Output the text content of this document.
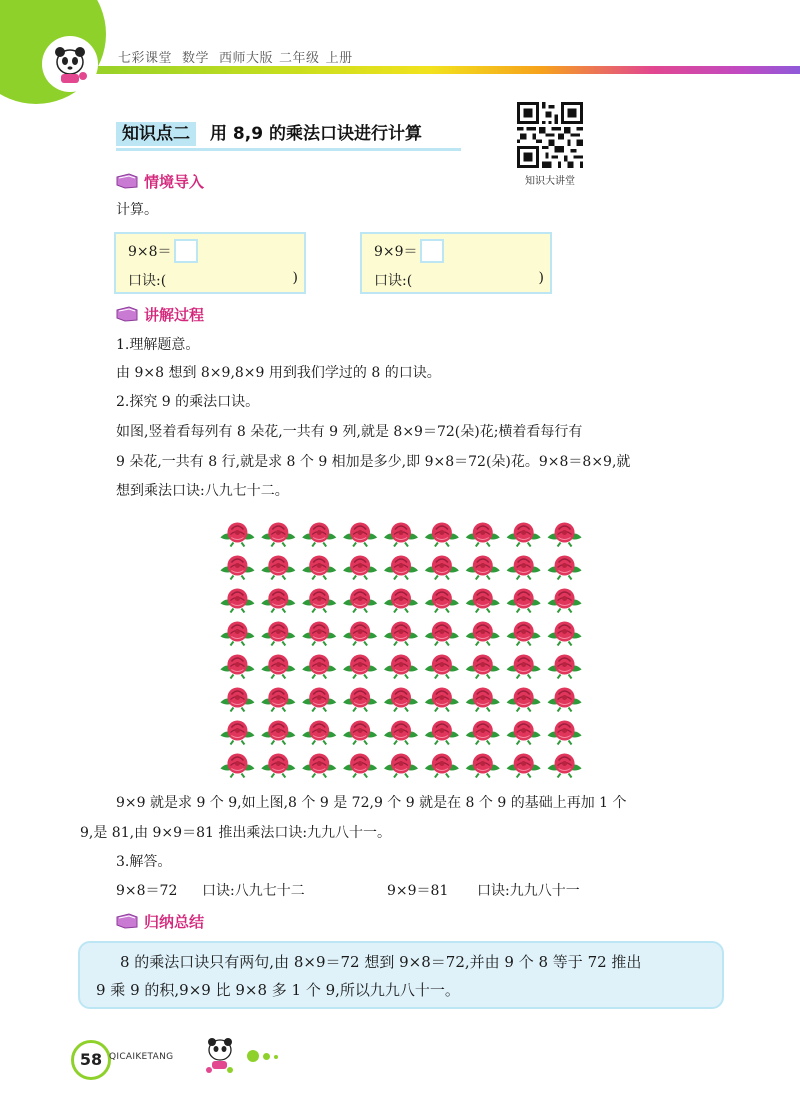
七彩课堂 数学 西师大版 二年级 上册
知识点二	用 8,9 的乘法口诀进行计算
知识大讲堂
情境导入
计算。
9×8＝
口诀:(	)
9×9＝
口诀:(	)
讲解过程
1.理解题意。
由 9×8 想到 8×9,8×9 用到我们学过的 8 的口诀。
2.探究 9 的乘法口诀。
如图,竖着看每列有 8 朵花,一共有 9 列,就是 8×9＝72(朵)花;横着看每行有
9 朵花,一共有 8 行,就是求 8 个 9 相加是多少,即 9×8＝72(朵)花。9×8＝8×9,就
想到乘法口诀:八九七十二。
9×9 就是求 9 个 9,如上图,8 个 9 是 72,9 个 9 就是在 8 个 9 的基础上再加 1 个
9,是 81,由 9×9＝81 推出乘法口诀:九九八十一。
3.解答。
9×8＝72 口诀:八九七十二	9×9＝81 口诀:九九八十一
归纳总结
8 的乘法口诀只有两句,由 8×9＝72 想到 9×8＝72,并由 9 个 8 等于 72 推出
9 乘 9 的积,9×9 比 9×8 多 1 个 9,所以九九八十一。
58 QICAIKETANG
